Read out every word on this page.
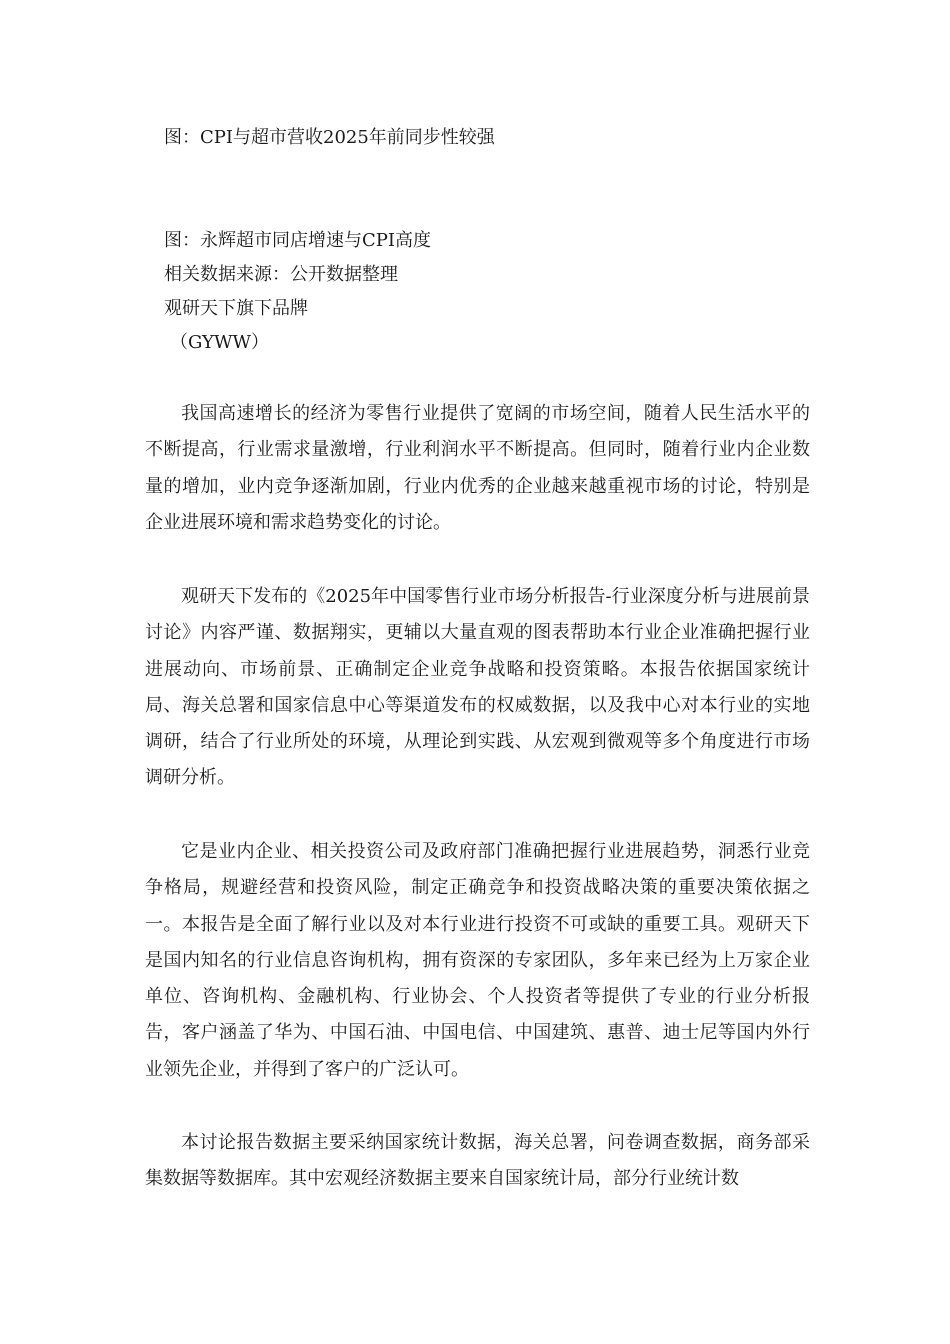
图：CPI与超市营收2025年前同步性较强
图：永辉超市同店增速与CPI高度
相关数据来源：公开数据整理
观研天下旗下品牌
（GYWW）

我国高速增长的经济为零售行业提供了宽阔的市场空间，随着人民生活水平的不断提高，行业需求量激增，行业利润水平不断提高。但同时，随着行业内企业数量的增加，业内竞争逐渐加剧，行业内优秀的企业越来越重视市场的讨论，特别是企业进展环境和需求趋势变化的讨论。

观研天下发布的《2025年中国零售行业市场分析报告-行业深度分析与进展前景讨论》内容严谨、数据翔实，更辅以大量直观的图表帮助本行业企业准确把握行业进展动向、市场前景、正确制定企业竞争战略和投资策略。本报告依据国家统计局、海关总署和国家信息中心等渠道发布的权威数据，以及我中心对本行业的实地调研，结合了行业所处的环境，从理论到实践、从宏观到微观等多个角度进行市场调研分析。

它是业内企业、相关投资公司及政府部门准确把握行业进展趋势，洞悉行业竞争格局，规避经营和投资风险，制定正确竞争和投资战略决策的重要决策依据之一。本报告是全面了解行业以及对本行业进行投资不可或缺的重要工具。观研天下是国内知名的行业信息咨询机构，拥有资深的专家团队，多年来已经为上万家企业单位、咨询机构、金融机构、行业协会、个人投资者等提供了专业的行业分析报告，客户涵盖了华为、中国石油、中国电信、中国建筑、惠普、迪士尼等国内外行业领先企业，并得到了客户的广泛认可。

本讨论报告数据主要采纳国家统计数据，海关总署，问卷调查数据，商务部采集数据等数据库。其中宏观经济数据主要来自国家统计局，部分行业统计数
